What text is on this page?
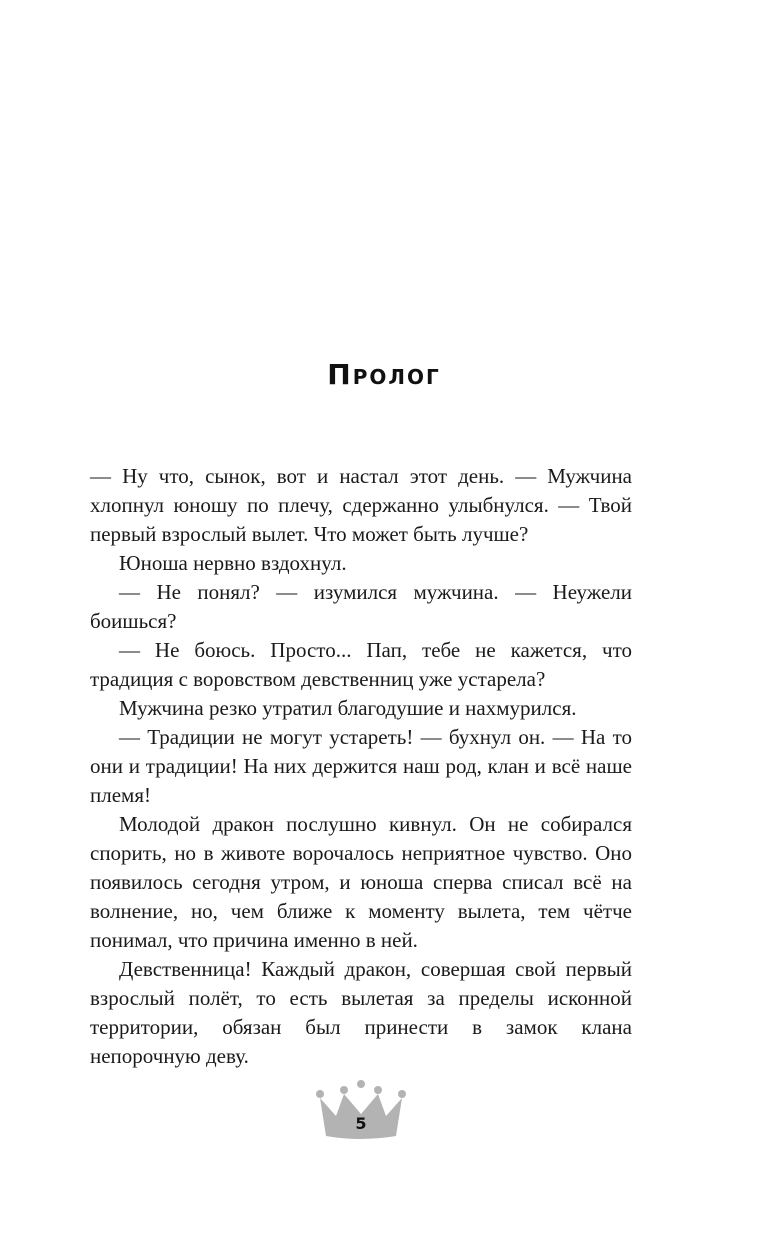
Пролог

— Ну что, сынок, вот и настал этот день. — Мужчина хлопнул юношу по плечу, сдержанно улыбнулся. — Твой первый взрослый вылет. Что может быть лучше?

Юноша нервно вздохнул.

— Не понял? — изумился мужчина. — Неужели боишься?

— Не боюсь. Просто... Пап, тебе не кажется, что традиция с воровством девственниц уже устарела?

Мужчина резко утратил благодушие и нахмурился.

— Традиции не могут устареть! — бухнул он. — На то они и традиции! На них держится наш род, клан и всё наше племя!

Молодой дракон послушно кивнул. Он не собирался спорить, но в животе ворочалось неприятное чувство. Оно появилось сегодня утром, и юноша сперва списал всё на волнение, но, чем ближе к моменту вылета, тем чётче понимал, что причина именно в ней.

Девственница! Каждый дракон, совершая свой первый взрослый полёт, то есть вылетая за пределы исконной территории, обязан был принести в замок клана непорочную деву.

5
